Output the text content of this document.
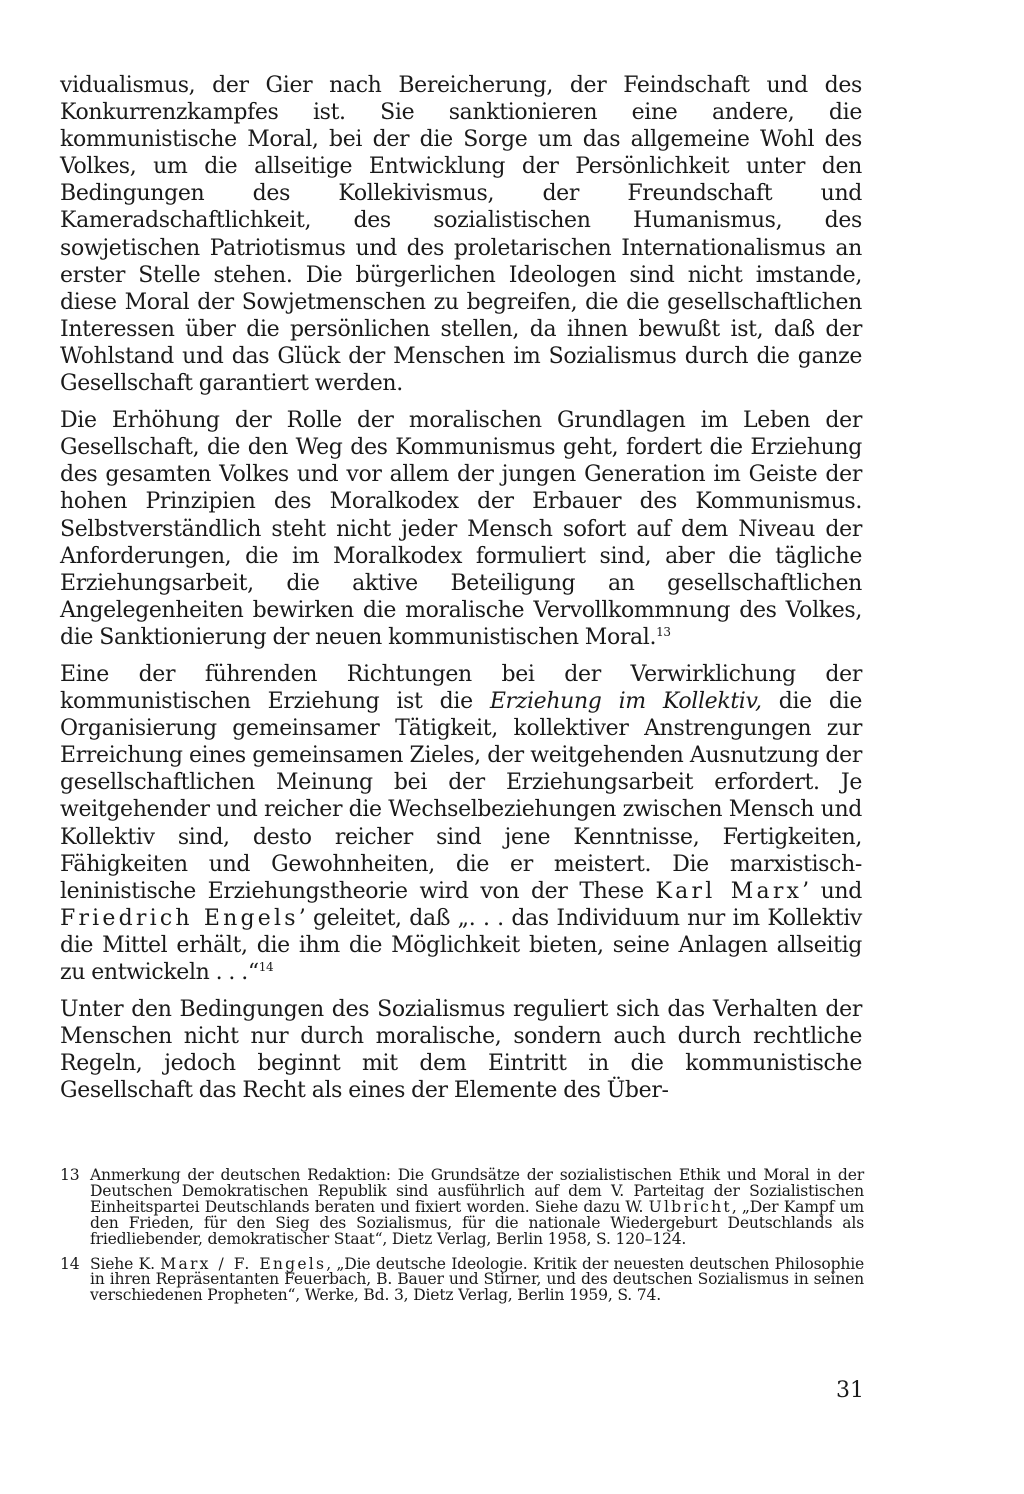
vidualismus, der Gier nach Bereicherung, der Feindschaft und des Konkurrenzkampfes ist. Sie sanktionieren eine andere, die kommunistische Moral, bei der die Sorge um das allgemeine Wohl des Volkes, um die allseitige Entwicklung der Persönlichkeit unter den Bedingungen des Kollekivismus, der Freundschaft und Kameradschaftlichkeit, des sozialistischen Humanismus, des sowjetischen Patriotismus und des proletarischen Internationalismus an erster Stelle stehen. Die bürgerlichen Ideologen sind nicht imstande, diese Moral der Sowjetmenschen zu begreifen, die die gesellschaftlichen Interessen über die persönlichen stellen, da ihnen bewußt ist, daß der Wohlstand und das Glück der Menschen im Sozialismus durch die ganze Gesellschaft garantiert werden.

Die Erhöhung der Rolle der moralischen Grundlagen im Leben der Gesellschaft, die den Weg des Kommunismus geht, fordert die Erziehung des gesamten Volkes und vor allem der jungen Generation im Geiste der hohen Prinzipien des Moralkodex der Erbauer des Kommunismus. Selbstverständlich steht nicht jeder Mensch sofort auf dem Niveau der Anforderungen, die im Moralkodex formuliert sind, aber die tägliche Erziehungsarbeit, die aktive Beteiligung an gesellschaftlichen Angelegenheiten bewirken die moralische Vervollkommnung des Volkes, die Sanktionierung der neuen kommunistischen Moral.$^{13}$

Eine der führenden Richtungen bei der Verwirklichung der kommunistischen Erziehung ist die Erziehung im Kollektiv, die die Organisierung gemeinsamer Tätigkeit, kollektiver Anstrengungen zur Erreichung eines gemeinsamen Zieles, der weitgehenden Ausnutzung der gesellschaftlichen Meinung bei der Erziehungsarbeit erfordert. Je weitgehender und reicher die Wechselbeziehungen zwischen Mensch und Kollektiv sind, desto reicher sind jene Kenntnisse, Fertigkeiten, Fähigkeiten und Gewohnheiten, die er meistert. Die marxistisch-leninistische Erziehungstheorie wird von der These Karl Marx’ und Friedrich Engels’ geleitet, daß „. . . das Individuum nur im Kollektiv die Mittel erhält, die ihm die Möglichkeit bieten, seine Anlagen allseitig zu entwickeln . . .“$^{14}$

Unter den Bedingungen des Sozialismus reguliert sich das Verhalten der Menschen nicht nur durch moralische, sondern auch durch rechtliche Regeln, jedoch beginnt mit dem Eintritt in die kommunistische Gesellschaft das Recht als eines der Elemente des Über-

13 Anmerkung der deutschen Redaktion: Die Grundsätze der sozialistischen Ethik und Moral in der Deutschen Demokratischen Republik sind ausführlich auf dem V. Parteitag der Sozialistischen Einheitspartei Deutschlands beraten und fixiert worden. Siehe dazu W. Ulbricht, „Der Kampf um den Frieden, für den Sieg des Sozialismus, für die nationale Wiedergeburt Deutschlands als friedliebender, demokratischer Staat“, Dietz Verlag, Berlin 1958, S. 120–124.
14 Siehe K. Marx / F. Engels, „Die deutsche Ideologie. Kritik der neuesten deutschen Philosophie in ihren Repräsentanten Feuerbach, B. Bauer und Stirner, und des deutschen Sozialismus in seinen verschiedenen Propheten“, Werke, Bd. 3, Dietz Verlag, Berlin 1959, S. 74.
31
